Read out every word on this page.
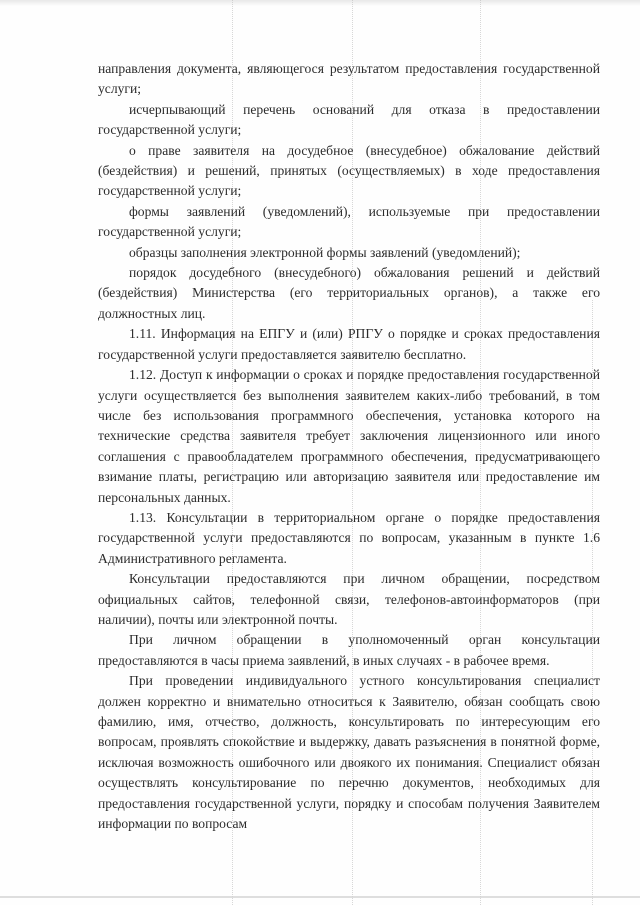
направления документа, являющегося результатом предоставления государственной услуги;

исчерпывающий перечень оснований для отказа в предоставлении государственной услуги;

о праве заявителя на досудебное (внесудебное) обжалование действий (бездействия) и решений, принятых (осуществляемых) в ходе предоставления государственной услуги;

формы заявлений (уведомлений), используемые при предоставлении государственной услуги;

образцы заполнения электронной формы заявлений (уведомлений);

порядок досудебного (внесудебного) обжалования решений и действий (бездействия) Министерства (его территориальных органов), а также его должностных лиц.

1.11. Информация на ЕПГУ и (или) РПГУ о порядке и сроках предоставления государственной услуги предоставляется заявителю бесплатно.

1.12. Доступ к информации о сроках и порядке предоставления государственной услуги осуществляется без выполнения заявителем каких-либо требований, в том числе без использования программного обеспечения, установка которого на технические средства заявителя требует заключения лицензионного или иного соглашения с правообладателем программного обеспечения, предусматривающего взимание платы, регистрацию или авторизацию заявителя или предоставление им персональных данных.

1.13. Консультации в территориальном органе о порядке предоставления государственной услуги предоставляются по вопросам, указанным в пункте 1.6 Административного регламента.

Консультации предоставляются при личном обращении, посредством официальных сайтов, телефонной связи, телефонов-автоинформаторов (при наличии), почты или электронной почты.

При личном обращении в уполномоченный орган консультации предоставляются в часы приема заявлений, в иных случаях - в рабочее время.

При проведении индивидуального устного консультирования специалист должен корректно и внимательно относиться к Заявителю, обязан сообщать свою фамилию, имя, отчество, должность, консультировать по интересующим его вопросам, проявлять спокойствие и выдержку, давать разъяснения в понятной форме, исключая возможность ошибочного или двоякого их понимания. Специалист обязан осуществлять консультирование по перечню документов, необходимых для предоставления государственной услуги, порядку и способам получения Заявителем информации по вопросам
